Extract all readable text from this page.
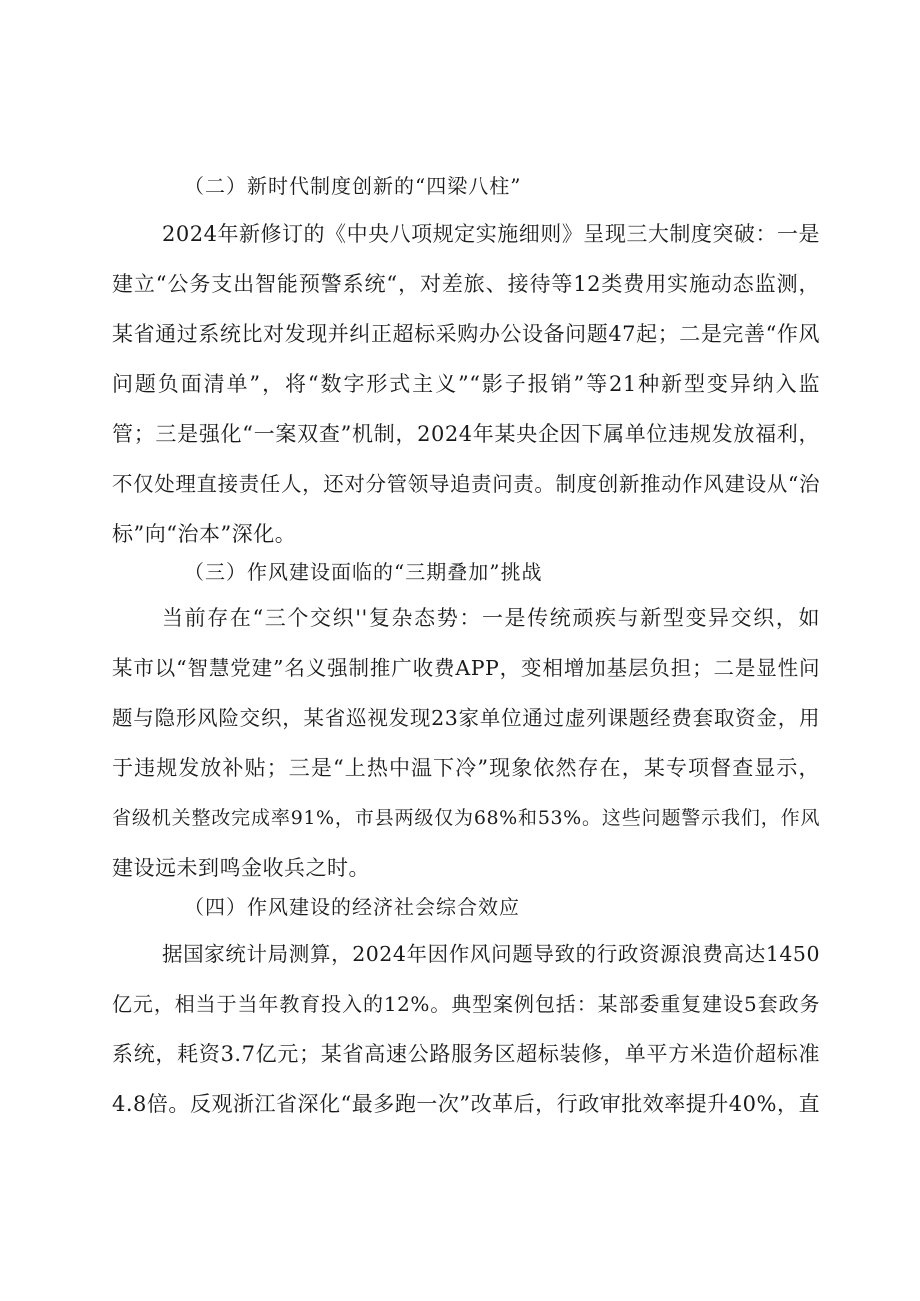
（二）新时代制度创新的“四梁八柱”
2024年新修订的《中央八项规定实施细则》呈现三大制度突破：一是
建立“公务支出智能预警系统“，对差旅、接待等12类费用实施动态监测，
某省通过系统比对发现并纠正超标采购办公设备问题47起；二是完善“作风
问题负面清单”，将“数字形式主义”“影子报销”等21种新型变异纳入监
管；三是强化“一案双查”机制，2024年某央企因下属单位违规发放福利，
不仅处理直接责任人，还对分管领导追责问责。制度创新推动作风建设从“治
标”向“治本”深化。
（三）作风建设面临的“三期叠加”挑战
当前存在“三个交织''复杂态势：一是传统顽疾与新型变异交织，如
某市以“智慧党建”名义强制推广收费APP，变相增加基层负担；二是显性问
题与隐形风险交织，某省巡视发现23家单位通过虚列课题经费套取资金，用
于违规发放补贴；三是“上热中温下冷”现象依然存在，某专项督查显示，
省级机关整改完成率91%，市县两级仅为68%和53%。这些问题警示我们，作风
建设远未到鸣金收兵之时。
（四）作风建设的经济社会综合效应
据国家统计局测算，2024年因作风问题导致的行政资源浪费高达1450
亿元，相当于当年教育投入的12%。典型案例包括：某部委重复建设5套政务
系统，耗资3.7亿元；某省高速公路服务区超标装修，单平方米造价超标准
4.8倍。反观浙江省深化“最多跑一次”改革后，行政审批效率提升40%，直
